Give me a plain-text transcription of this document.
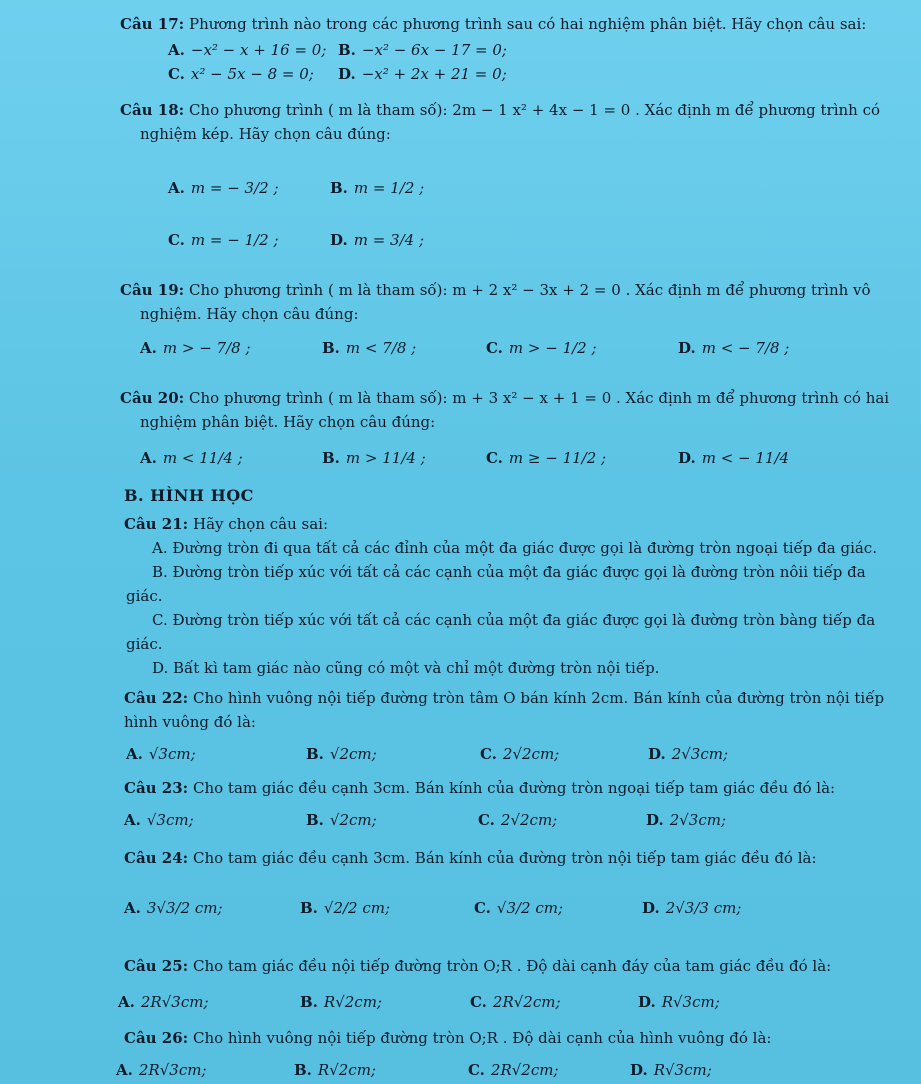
Câu 17: Phương trình nào trong các phương trình sau có hai nghiệm phân biệt. Hãy chọn câu sai:
A. −x² − x + 16 = 0; B. −x² − 6x − 17 = 0;
C. x² − 5x − 8 = 0; D. −x² + 2x + 21 = 0;
Câu 18: Cho phương trình ( m là tham số): 2m − 1 x² + 4x − 1 = 0 . Xác định m để phương trình có
nghiệm kép. Hãy chọn câu đúng:
A. m = − 3/2 ;	B. m = 1/2 ;
C. m = − 1/2 ;	D. m = 3/4 ;
Câu 19: Cho phương trình ( m là tham số): m + 2 x² − 3x + 2 = 0 . Xác định m để phương trình vô
nghiệm. Hãy chọn câu đúng:
A. m > − 7/8 ;	B. m < 7/8 ;	C. m > − 1/2 ;	D. m < − 7/8 ;
Câu 20: Cho phương trình ( m là tham số): m + 3 x² − x + 1 = 0 . Xác định m để phương trình có hai
nghiệm phân biệt. Hãy chọn câu đúng:
A. m < 11/4 ;	B. m > 11/4 ;	C. m ≥ − 11/2 ;	D. m < − 11/4
B. HÌNH HỌC
Câu 21: Hãy chọn câu sai:
A. Đường tròn đi qua tất cả các đỉnh của một đa giác được gọi là đường tròn ngoại tiếp đa giác.
B. Đường tròn tiếp xúc với tất cả các cạnh của một đa giác được gọi là đường tròn nôii tiếp đa
giác.
C. Đường tròn tiếp xúc với tất cả các cạnh của một đa giác được gọi là đường tròn bàng tiếp đa
giác.
D. Bất kì tam giác nào cũng có một và chỉ một đường tròn nội tiếp.
Câu 22: Cho hình vuông nội tiếp đường tròn tâm O bán kính 2cm. Bán kính của đường tròn nội tiếp
hình vuông đó là:
A. √3cm;	B. √2cm;	C. 2√2cm;	D. 2√3cm;
Câu 23: Cho tam giác đều cạnh 3cm. Bán kính của đường tròn ngoại tiếp tam giác đều đó là:
A. √3cm;	B. √2cm;	C. 2√2cm;	D. 2√3cm;
Câu 24: Cho tam giác đều cạnh 3cm. Bán kính của đường tròn nội tiếp tam giác đều đó là:
A. 3√3/2 cm;	B. √2/2 cm;	C. √3/2 cm;	D. 2√3/3 cm;
Câu 25: Cho tam giác đều nội tiếp đường tròn O;R . Độ dài cạnh đáy của tam giác đều đó là:
A. 2R√3cm;	B. R√2cm;	C. 2R√2cm;	D. R√3cm;
Câu 26: Cho hình vuông nội tiếp đường tròn O;R . Độ dài cạnh của hình vuông đó là:
A. 2R√3cm;	B. R√2cm;	C. 2R√2cm;	D. R√3cm;
